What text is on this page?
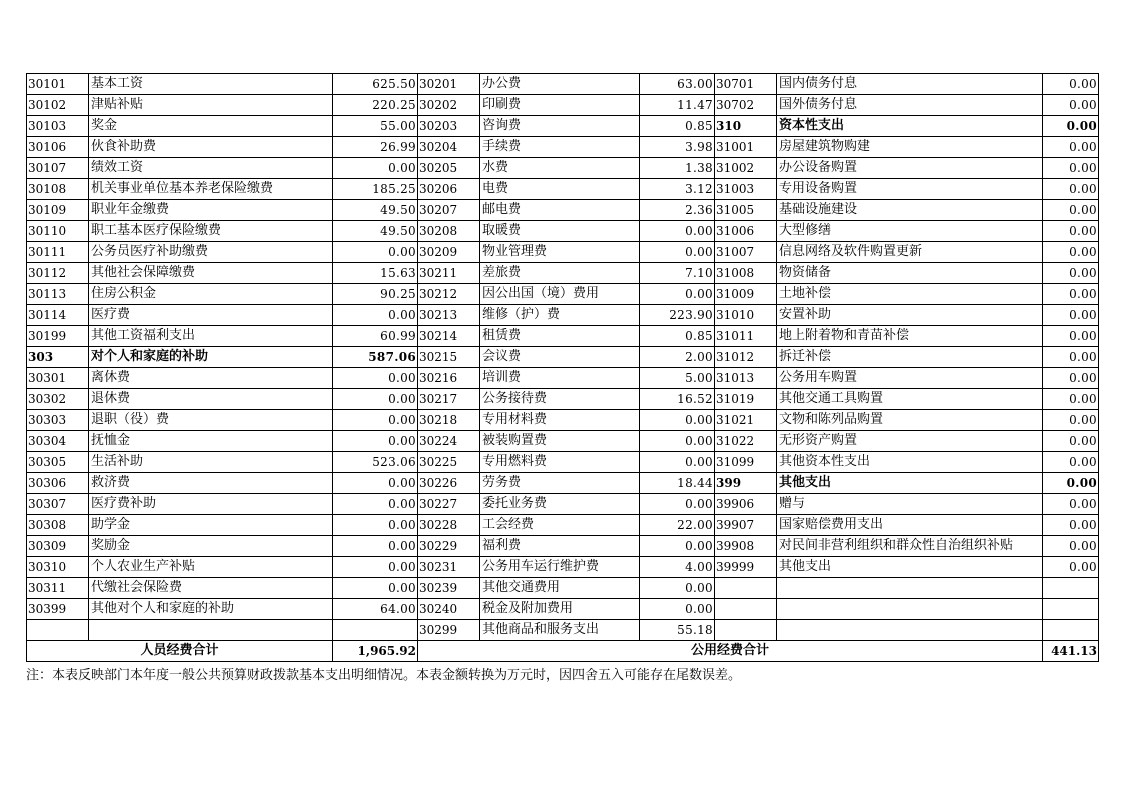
30101	基本工资	625.50	30201	办公费	63.00	30701	国内债务付息	0.00
30102	津贴补贴	220.25	30202	印刷费	11.47	30702	国外债务付息	0.00
30103	奖金	55.00	30203	咨询费	0.85	310	资本性支出	0.00
30106	伙食补助费	26.99	30204	手续费	3.98	31001	房屋建筑物购建	0.00
30107	绩效工资	0.00	30205	水费	1.38	31002	办公设备购置	0.00
30108	机关事业单位基本养老保险缴费	185.25	30206	电费	3.12	31003	专用设备购置	0.00
30109	职业年金缴费	49.50	30207	邮电费	2.36	31005	基础设施建设	0.00
30110	职工基本医疗保险缴费	49.50	30208	取暖费	0.00	31006	大型修缮	0.00
30111	公务员医疗补助缴费	0.00	30209	物业管理费	0.00	31007	信息网络及软件购置更新	0.00
30112	其他社会保障缴费	15.63	30211	差旅费	7.10	31008	物资储备	0.00
30113	住房公积金	90.25	30212	因公出国（境）费用	0.00	31009	土地补偿	0.00
30114	医疗费	0.00	30213	维修（护）费	223.90	31010	安置补助	0.00
30199	其他工资福利支出	60.99	30214	租赁费	0.85	31011	地上附着物和青苗补偿	0.00
303	对个人和家庭的补助	587.06	30215	会议费	2.00	31012	拆迁补偿	0.00
30301	离休费	0.00	30216	培训费	5.00	31013	公务用车购置	0.00
30302	退休费	0.00	30217	公务接待费	16.52	31019	其他交通工具购置	0.00
30303	退职（役）费	0.00	30218	专用材料费	0.00	31021	文物和陈列品购置	0.00
30304	抚恤金	0.00	30224	被装购置费	0.00	31022	无形资产购置	0.00
30305	生活补助	523.06	30225	专用燃料费	0.00	31099	其他资本性支出	0.00
30306	救济费	0.00	30226	劳务费	18.44	399	其他支出	0.00
30307	医疗费补助	0.00	30227	委托业务费	0.00	39906	赠与	0.00
30308	助学金	0.00	30228	工会经费	22.00	39907	国家赔偿费用支出	0.00
30309	奖励金	0.00	30229	福利费	0.00	39908	对民间非营利组织和群众性自治组织补贴	0.00
30310	个人农业生产补贴	0.00	30231	公务用车运行维护费	4.00	39999	其他支出	0.00
30311	代缴社会保险费	0.00	30239	其他交通费用	0.00			
30399	其他对个人和家庭的补助	64.00	30240	税金及附加费用	0.00			
			30299	其他商品和服务支出	55.18			
人员经费合计		1,965.92	公用经费合计					441.13
注：本表反映部门本年度一般公共预算财政拨款基本支出明细情况。本表金额转换为万元时，因四舍五入可能存在尾数误差。
